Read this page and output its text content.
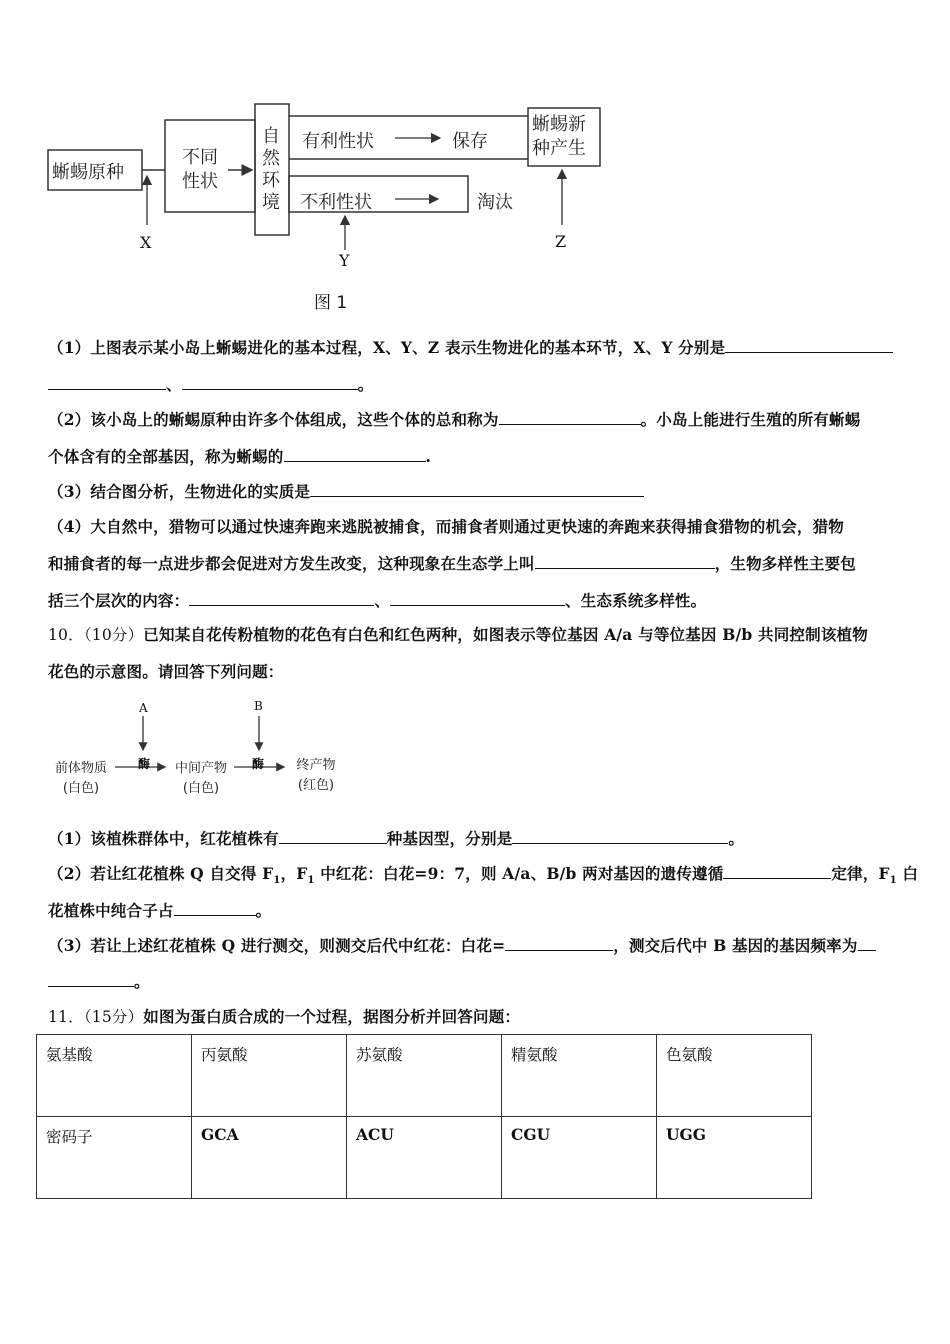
蜥蜴原种
不同
性状
自
然
环
境
有利性状	保存
不利性状	淘汰
蜥蜴新
种产生
X
Y
Z
图 1
（1）上图表示某小岛上蜥蜴进化的基本过程，X、Y、Z 表示生物进化的基本环节，X、Y 分别是
、	。
（2）该小岛上的蜥蜴原种由许多个体组成，这些个体的总和称为	。小岛上能进行生殖的所有蜥蜴
个体含有的全部基因，称为蜥蜴的	.
（3）结合图分析，生物进化的实质是
（4）大自然中，猎物可以通过快速奔跑来逃脱被捕食，而捕食者则通过更快速的奔跑来获得捕食猎物的机会，猎物
和捕食者的每一点进步都会促进对方发生改变，这种现象在生态学上叫	，生物多样性主要包
括三个层次的内容：	、	、生态系统多样性。
10．（10分）已知某自花传粉植物的花色有白色和红色两种，如图表示等位基因 A/a 与等位基因 B/b 共同控制该植物
花色的示意图。请回答下列问题：
A	B
酶	酶
前体物质
(白色)
中间产物
(白色)
终产物
(红色)
（1）该植株群体中，红花植株有	种基因型，分别是	。
（2）若让红花植株 Q 自交得 $F_1$，$F_1$ 中红花：白花=9：7，则 A/a、B/b 两对基因的遗传遵循	定律，$F_1$ 白
花植株中纯合子占	。
（3）若让上述红花植株 Q 进行测交，则测交后代中红花：白花=	，测交后代中 B 基因的基因频率为
。
11．（15分）如图为蛋白质合成的一个过程，据图分析并回答问题：
氨基酸	丙氨酸	苏氨酸	精氨酸	色氨酸
密码子	GCA	ACU	CGU	UGG
